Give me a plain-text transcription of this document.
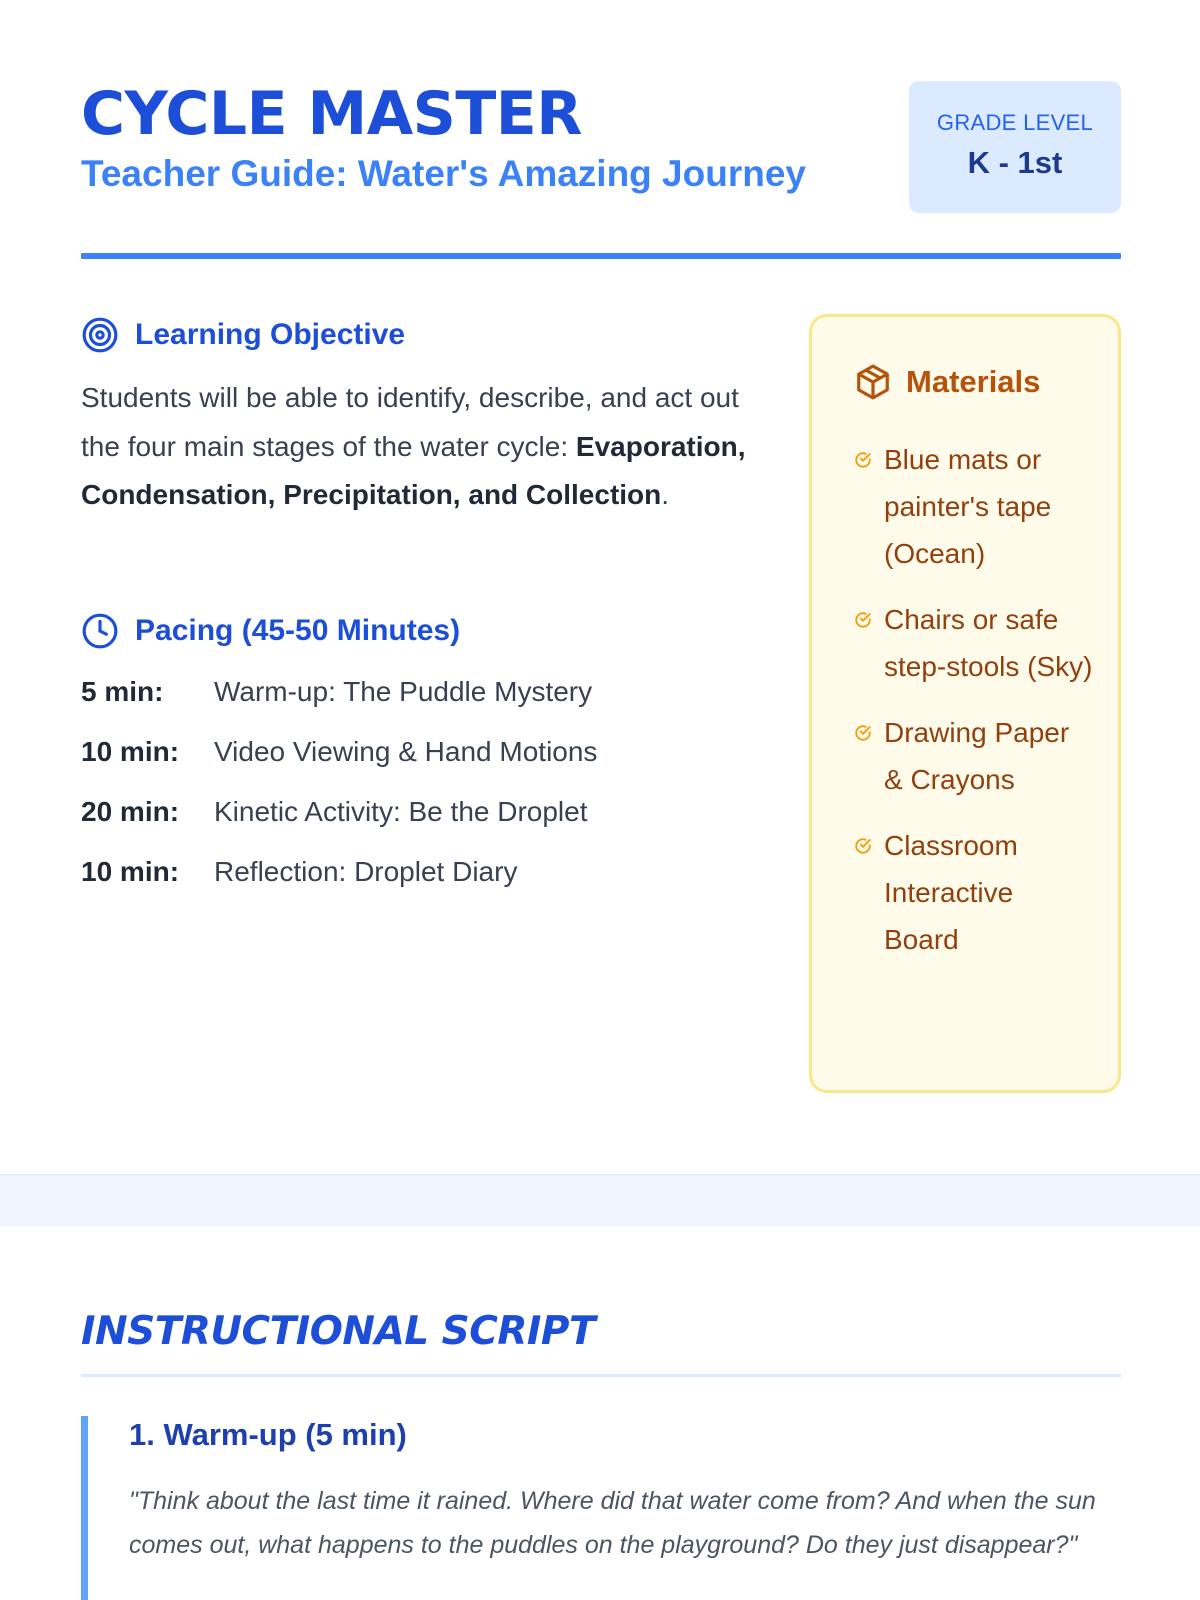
CYCLE MASTER
Teacher Guide: Water's Amazing Journey
GRADE LEVEL
K - 1st
Learning Objective

Students will be able to identify, describe, and act out the four main stages of the water cycle: Evaporation, Condensation, Precipitation, and Collection.

Pacing (45-50 Minutes)
5 min:	Warm-up: The Puddle Mystery
10 min:	Video Viewing & Hand Motions
20 min:	Kinetic Activity: Be the Droplet
10 min:	Reflection: Droplet Diary
Materials
Blue mats or painter's tape (Ocean)
Chairs or safe step-stools (Sky)
Drawing Paper & Crayons
Classroom Interactive Board
INSTRUCTIONAL SCRIPT
1. Warm-up (5 min)

"Think about the last time it rained. Where did that water come from? And when the sun comes out, what happens to the puddles on the playground? Do they just disappear?"
